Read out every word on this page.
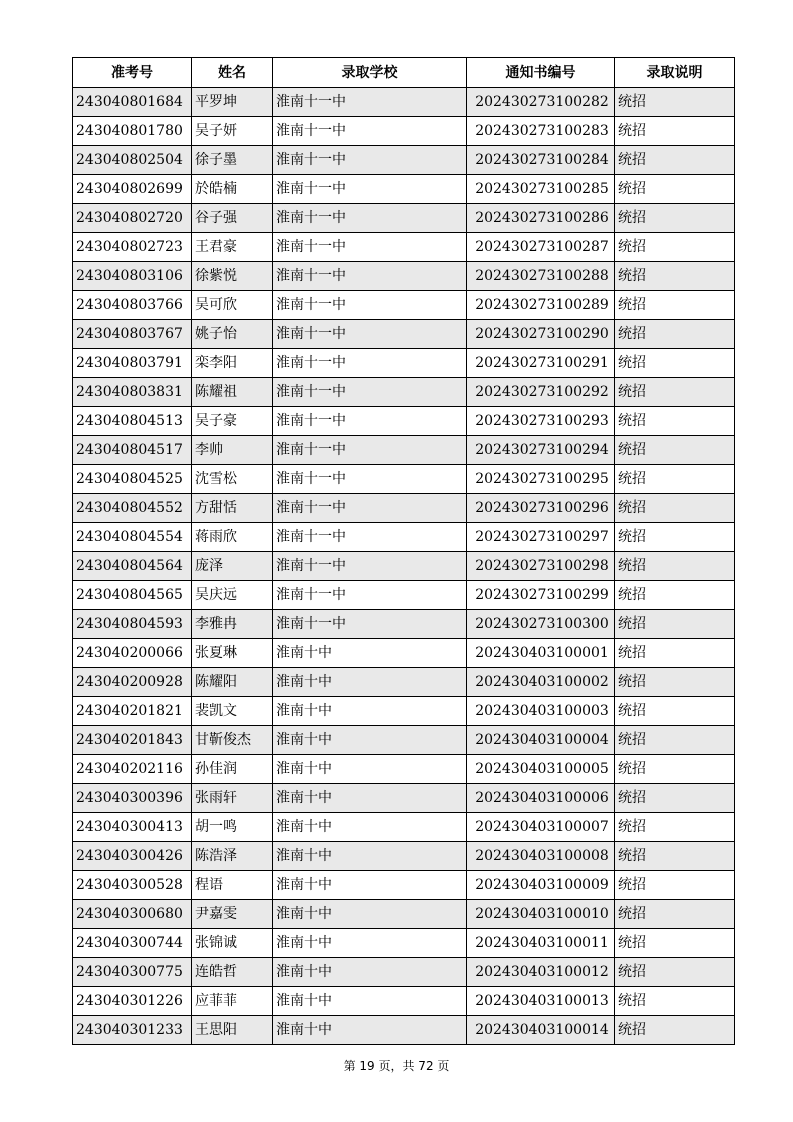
准考号	姓名	录取学校	通知书编号	录取说明
243040801684	平罗坤	淮南十一中	202430273100282	统招
243040801780	吴子妍	淮南十一中	202430273100283	统招
243040802504	徐子墨	淮南十一中	202430273100284	统招
243040802699	於皓楠	淮南十一中	202430273100285	统招
243040802720	谷子强	淮南十一中	202430273100286	统招
243040802723	王君豪	淮南十一中	202430273100287	统招
243040803106	徐紫悦	淮南十一中	202430273100288	统招
243040803766	吴可欣	淮南十一中	202430273100289	统招
243040803767	姚子怡	淮南十一中	202430273100290	统招
243040803791	栾李阳	淮南十一中	202430273100291	统招
243040803831	陈耀祖	淮南十一中	202430273100292	统招
243040804513	吴子豪	淮南十一中	202430273100293	统招
243040804517	李帅	淮南十一中	202430273100294	统招
243040804525	沈雪松	淮南十一中	202430273100295	统招
243040804552	方甜恬	淮南十一中	202430273100296	统招
243040804554	蒋雨欣	淮南十一中	202430273100297	统招
243040804564	庞泽	淮南十一中	202430273100298	统招
243040804565	吴庆远	淮南十一中	202430273100299	统招
243040804593	李雅冉	淮南十一中	202430273100300	统招
243040200066	张夏琳	淮南十中	202430403100001	统招
243040200928	陈耀阳	淮南十中	202430403100002	统招
243040201821	裴凯文	淮南十中	202430403100003	统招
243040201843	甘靳俊杰	淮南十中	202430403100004	统招
243040202116	孙佳润	淮南十中	202430403100005	统招
243040300396	张雨轩	淮南十中	202430403100006	统招
243040300413	胡一鸣	淮南十中	202430403100007	统招
243040300426	陈浩泽	淮南十中	202430403100008	统招
243040300528	程语	淮南十中	202430403100009	统招
243040300680	尹嘉雯	淮南十中	202430403100010	统招
243040300744	张锦诚	淮南十中	202430403100011	统招
243040300775	连皓哲	淮南十中	202430403100012	统招
243040301226	应菲菲	淮南十中	202430403100013	统招
243040301233	王思阳	淮南十中	202430403100014	统招
第 19 页，共 72 页
